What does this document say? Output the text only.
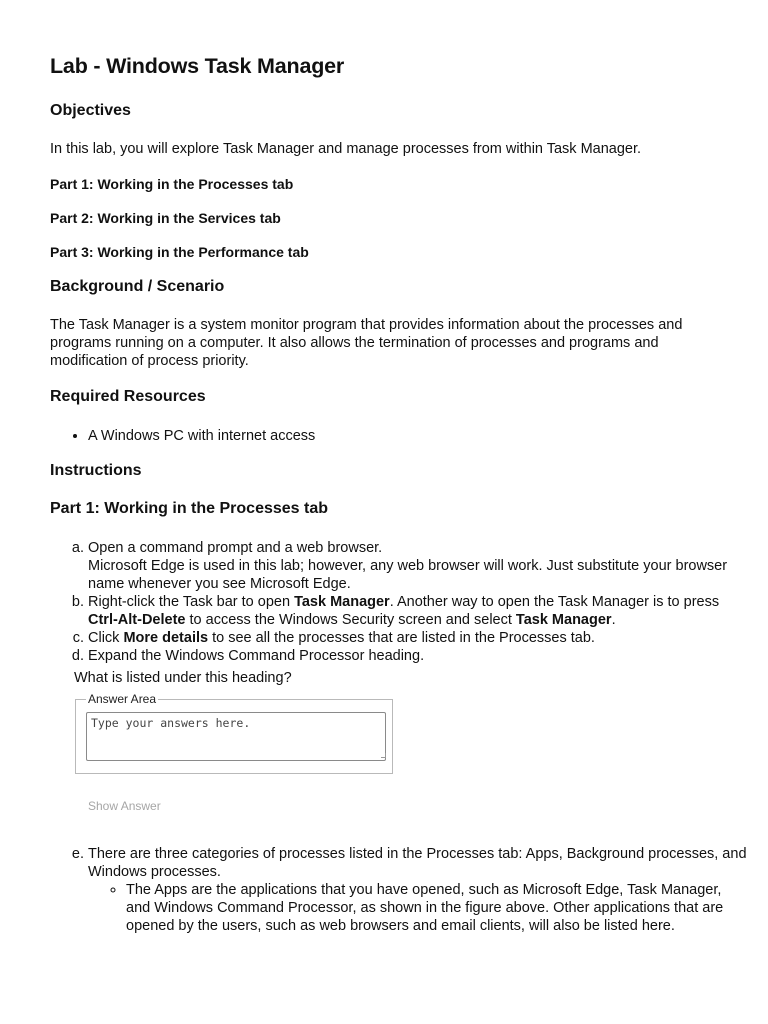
Lab - Windows Task Manager
Objectives

In this lab, you will explore Task Manager and manage processes from within Task Manager.

Part 1: Working in the Processes tab

Part 2: Working in the Services tab

Part 3: Working in the Performance tab

Background / Scenario

The Task Manager is a system monitor program that provides information about the processes and programs running on a computer. It also allows the termination of processes and programs and modification of process priority.

Required Resources
• A Windows PC with internet access
Instructions
Part 1: Working in the Processes tab
a. Open a command prompt and a web browser.
Microsoft Edge is used in this lab; however, any web browser will work. Just substitute your browser name whenever you see Microsoft Edge.
b. Right-click the Task bar to open Task Manager. Another way to open the Task Manager is to press Ctrl-Alt-Delete to access the Windows Security screen and select Task Manager.
c. Click More details to see all the processes that are listed in the Processes tab.
d. Expand the Windows Command Processor heading.

What is listed under this heading?

Answer Area
Type your answers here.
Show Answer
e. There are three categories of processes listed in the Processes tab: Apps, Background processes, and Windows processes.
◦ The Apps are the applications that you have opened, such as Microsoft Edge, Task Manager, and Windows Command Processor, as shown in the figure above. Other applications that are opened by the users, such as web browsers and email clients, will also be listed here.
